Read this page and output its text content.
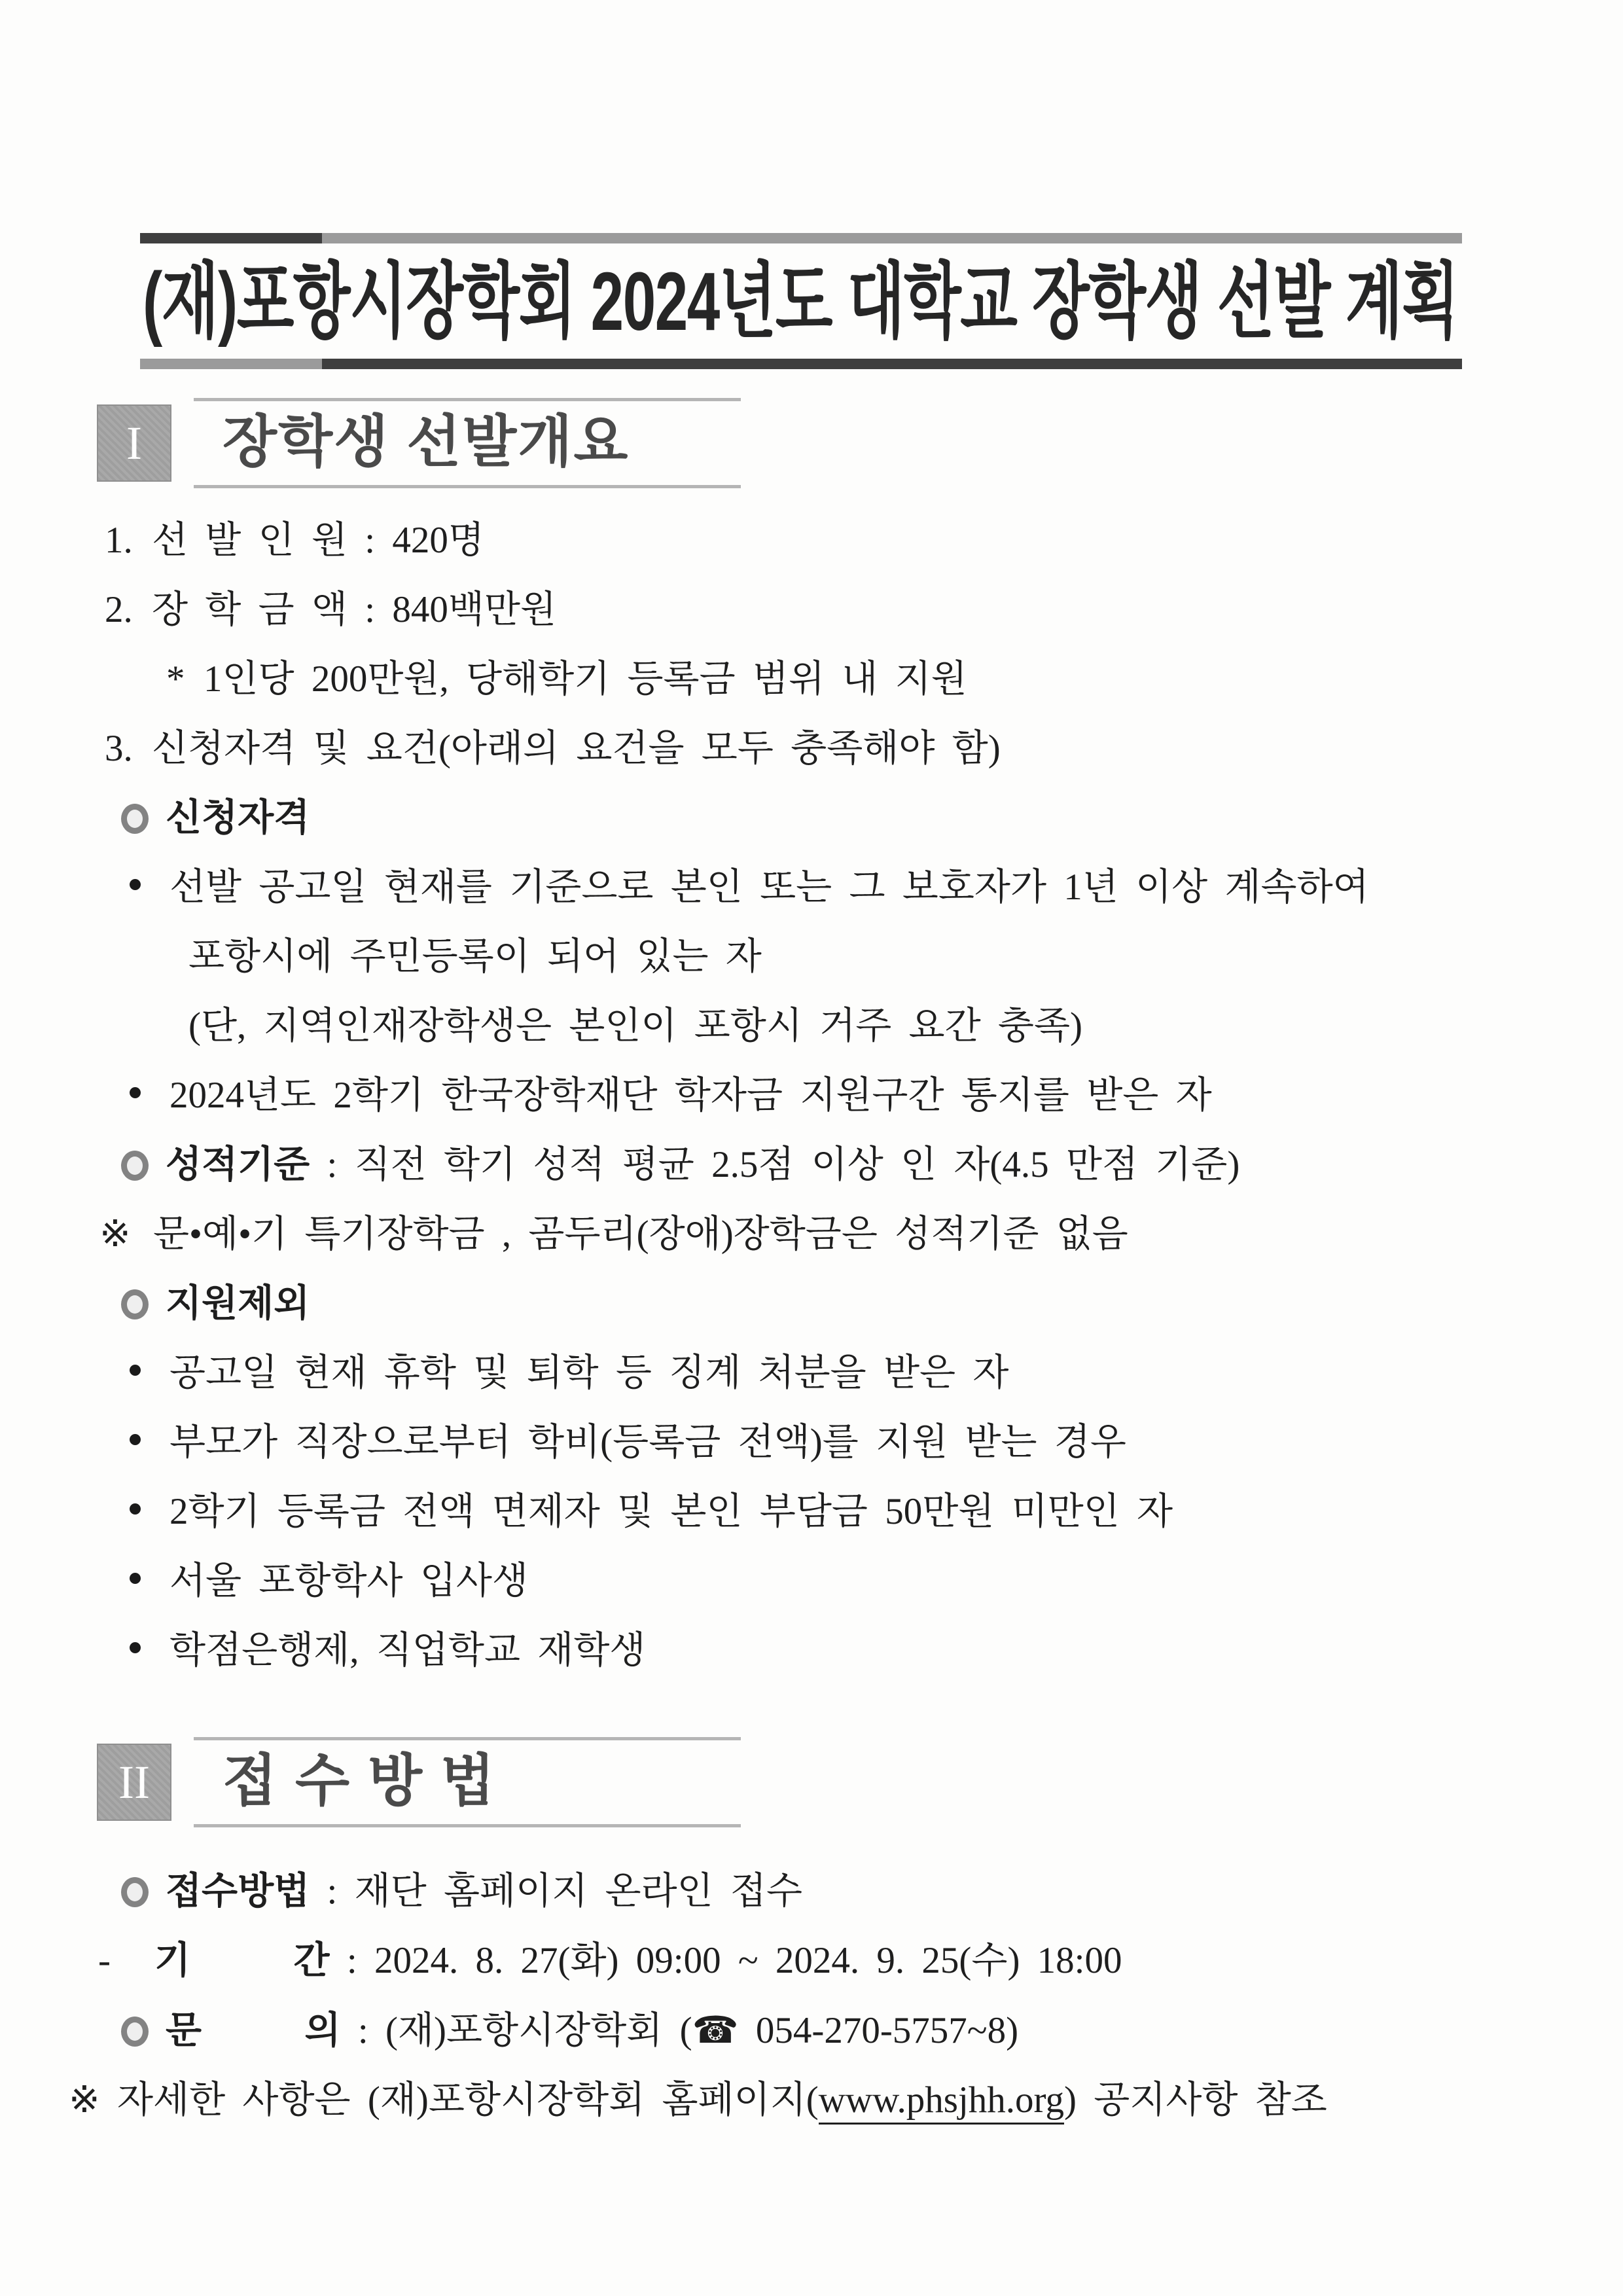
(재)포항시장학회 2024년도 대학교 장학생 선발 계획
I 장학생 선발개요
1. 선 발 인 원 : 420명
2. 장 학 금 액 : 840백만원
* 1인당 200만원, 당해학기 등록금 범위 내 지원
3. 신청자격 및 요건(아래의 요건을 모두 충족해야 함)
신청자격
선발 공고일 현재를 기준으로 본인 또는 그 보호자가 1년 이상 계속하여
포항시에 주민등록이 되어 있는 자
(단, 지역인재장학생은 본인이 포항시 거주 요간 충족)
2024년도 2학기 한국장학재단 학자금 지원구간 통지를 받은 자
성적기준 : 직전 학기 성적 평균 2.5점 이상 인 자(4.5 만점 기준)
※ 문•예•기 특기장학금 , 곰두리(장애)장학금은 성적기준 없음
지원제외
공고일 현재 휴학 및 퇴학 등 징계 처분을 받은 자
부모가 직장으로부터 학비(등록금 전액)를 지원 받는 경우
2학기 등록금 전액 면제자 및 본인 부담금 50만원 미만인 자
서울 포항학사 입사생
학점은행제, 직업학교 재학생
II 접 수 방 법
접수방법 : 재단 홈페이지 온라인 접수
- 기      간 : 2024. 8. 27(화) 09:00 ~ 2024. 9. 25(수) 18:00
문      의 : (재)포항시장학회 (☎ 054-270-5757~8)
※ 자세한 사항은 (재)포항시장학회 홈페이지(www.phsjhh.org) 공지사항 참조
